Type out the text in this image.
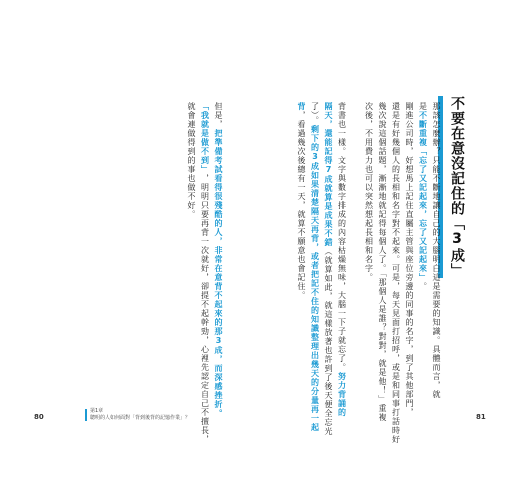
不要在意沒記住的「3成」
那該怎麼辦？只能不斷地讓自己的大腦明白這是需要的知識。具體而言，就
是不斷重複「忘了又記起來，忘了又記起來」。
剛進公司時，好想馬上記住直屬主管與座位旁邊的同事的名字，到了其他部門，
還是有好幾個人的長相和名字對不起來。可是，每天見面打招呼，或是和同事打話時好
幾次說這個話題，漸漸地就記得每個人了。「那個人是誰？對對，就是他！」重複
次後，不用費力也可以突然想起長相和名字。
背書也一樣。文字與數字排成的內容枯燥無味，大腦一下子就忘了。努力背誦的
隔天，還能記得7成就算是成果不錯（就算如此，就這樣放著也許到了後天便全忘光
了）。剩下的3成如果清楚隔天再背，或者把記不住的知識整理出幾天的分量再一起
背，看過幾次後總有一天，就算不願意也會記住。
但是，把準備考試看得很殘酷的人，非常在意背不起來的那3成，而深感挫折。
「我就是做不到」，明明只要再背一次就好，卻提不起幹勁，心裡先認定自己不擅長，
就會連做得到的事也做不好。
80	81
第1章
聰明的人如何面對「背到後背的記憶作業」？
